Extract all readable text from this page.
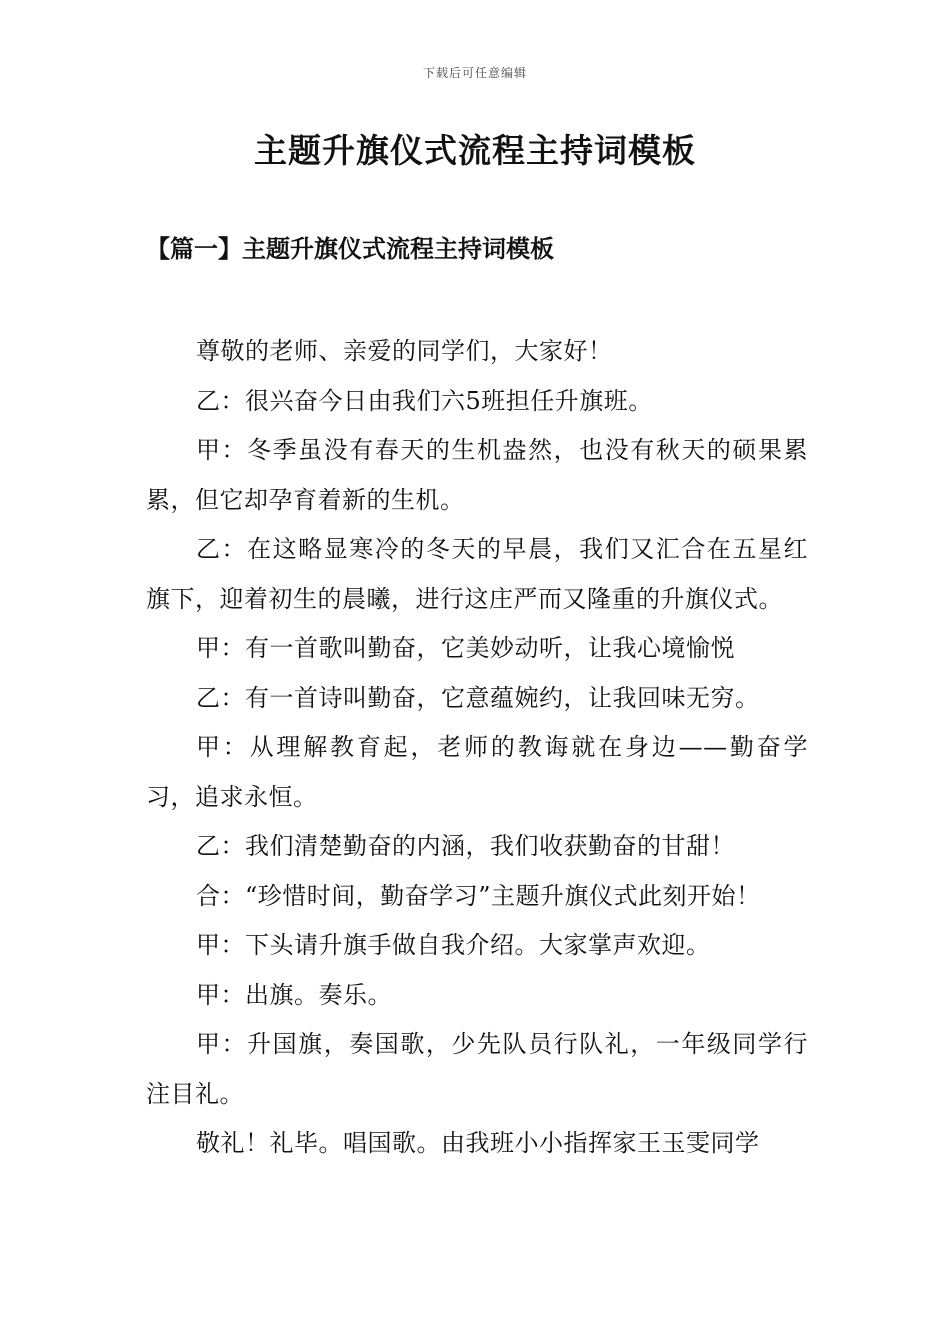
下载后可任意编辑
主题升旗仪式流程主持词模板
【篇一】主题升旗仪式流程主持词模板

尊敬的老师、亲爱的同学们，大家好！

乙：很兴奋今日由我们六5班担任升旗班。

甲：冬季虽没有春天的生机盎然，也没有秋天的硕果累累，但它却孕育着新的生机。

乙：在这略显寒冷的冬天的早晨，我们又汇合在五星红旗下，迎着初生的晨曦，进行这庄严而又隆重的升旗仪式。

甲：有一首歌叫勤奋，它美妙动听，让我心境愉悦

乙：有一首诗叫勤奋，它意蕴婉约，让我回味无穷。

甲：从理解教育起，老师的教诲就在身边——勤奋学习，追求永恒。

乙：我们清楚勤奋的内涵，我们收获勤奋的甘甜！

合：“珍惜时间，勤奋学习”主题升旗仪式此刻开始！

甲：下头请升旗手做自我介绍。大家掌声欢迎。

甲：出旗。奏乐。

甲：升国旗，奏国歌，少先队员行队礼，一年级同学行注目礼。

敬礼！礼毕。唱国歌。由我班小小指挥家王玉雯同学
